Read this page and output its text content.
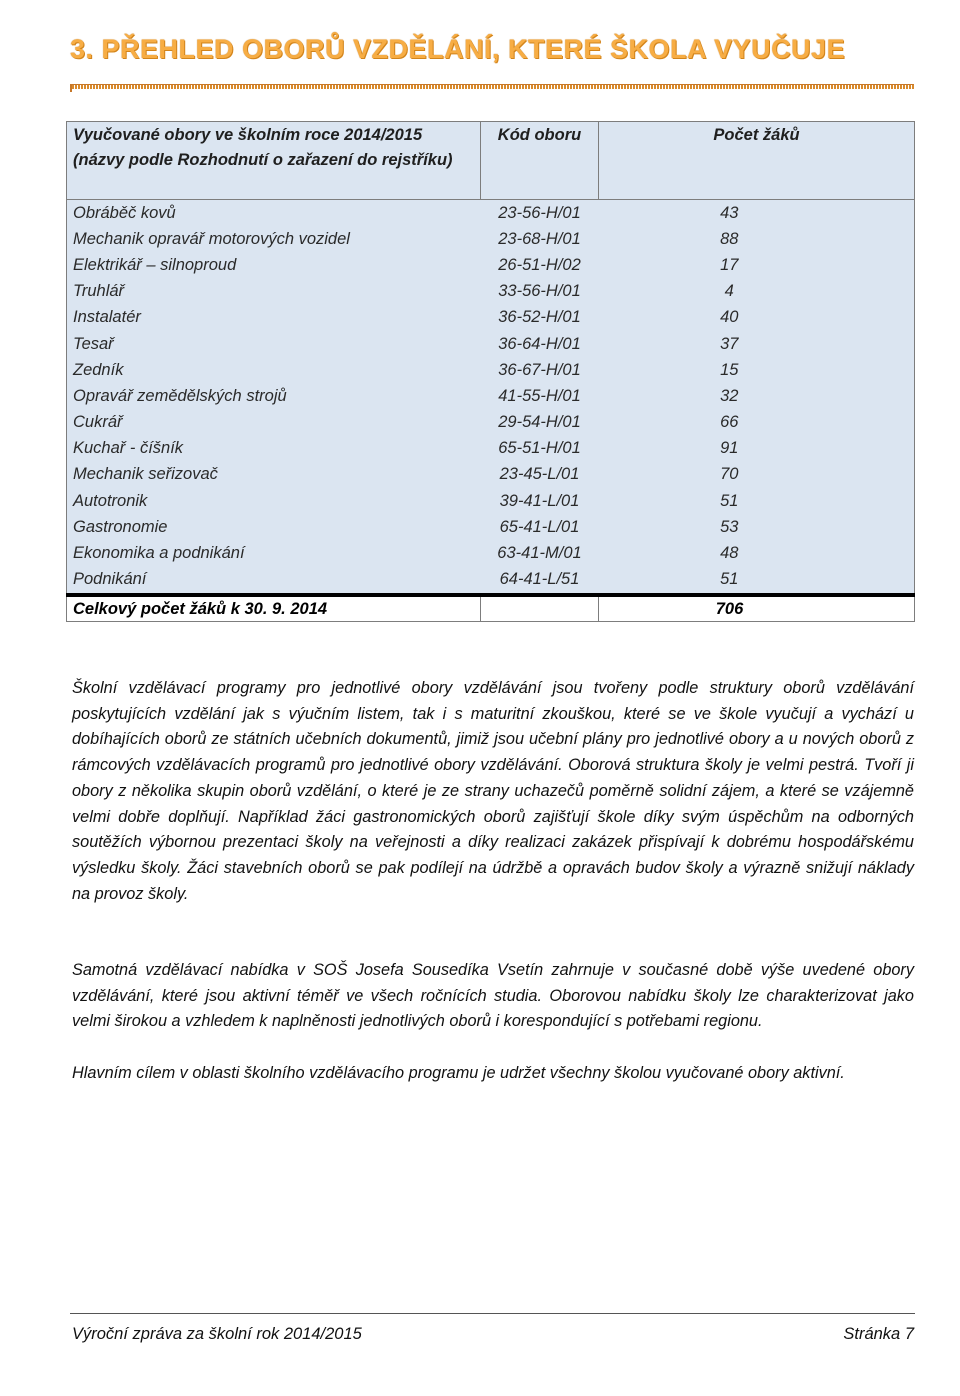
3. PŘEHLED OBORŮ VZDĚLÁNÍ, KTERÉ ŠKOLA VYUČUJE
Vyučované obory ve školním roce 2014/2015 (názvy podle Rozhodnutí o zařazení do rejstříku)	Kód oboru	Počet žáků
Obráběč kovů	23-56-H/01	43
Mechanik opravář motorových vozidel	23-68-H/01	88
Elektrikář – silnoproud	26-51-H/02	17
Truhlář	33-56-H/01	4
Instalatér	36-52-H/01	40
Tesař	36-64-H/01	37
Zedník	36-67-H/01	15
Opravář zemědělských strojů	41-55-H/01	32
Cukrář	29-54-H/01	66
Kuchař - číšník	65-51-H/01	91
Mechanik seřizovač	23-45-L/01	70
Autotronik	39-41-L/01	51
Gastronomie	65-41-L/01	53
Ekonomika a podnikání	63-41-M/01	48
Podnikání	64-41-L/51	51
Celkový počet žáků k 30. 9. 2014		706
Školní vzdělávací programy pro jednotlivé obory vzdělávání jsou tvořeny podle struktury oborů vzdělávání poskytujících vzdělání jak s výučním listem, tak i s maturitní zkouškou, které se ve škole vyučují a vychází u dobíhajících oborů ze státních učebních dokumentů, jimiž jsou učební plány pro jednotlivé obory a u nových oborů z rámcových vzdělávacích programů pro jednotlivé obory vzdělávání. Oborová struktura školy je velmi pestrá. Tvoří ji obory z několika skupin oborů vzdělání, o které je ze strany uchazečů poměrně solidní zájem, a které se vzájemně velmi dobře doplňují. Například žáci gastronomických oborů zajišťují škole díky svým úspěchům na odborných soutěžích výbornou prezentaci školy na veřejnosti a díky realizaci zakázek přispívají k dobrému hospodářskému výsledku školy. Žáci stavebních oborů se pak podílejí na údržbě a opravách budov školy a výrazně snižují náklady na provoz školy.
Samotná vzdělávací nabídka v SOŠ Josefa Sousedíka Vsetín zahrnuje v současné době výše uvedené obory vzdělávání, které jsou aktivní téměř ve všech ročnících studia. Oborovou nabídku školy lze charakterizovat jako velmi širokou a vzhledem k naplněnosti jednotlivých oborů i korespondující s potřebami regionu.
Hlavním cílem v oblasti školního vzdělávacího programu je udržet všechny školou vyučované obory aktivní.
Výroční zpráva za školní rok 2014/2015	Stránka 7
